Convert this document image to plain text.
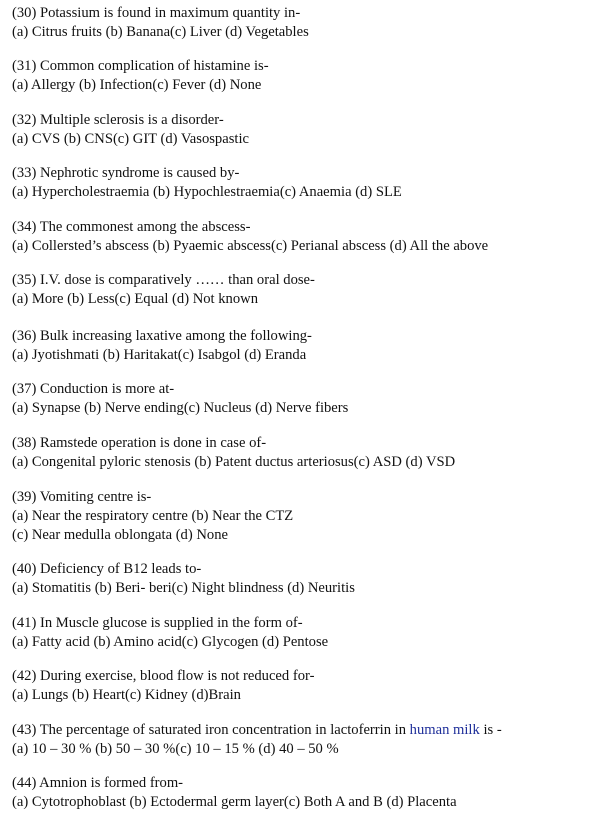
(30) Potassium is found in maximum quantity in-
(a) Citrus fruits (b) Banana(c) Liver (d) Vegetables
(31) Common complication of histamine is-
(a) Allergy (b) Infection(c) Fever (d) None
(32) Multiple sclerosis is a disorder-
(a) CVS (b) CNS(c) GIT (d) Vasospastic
(33) Nephrotic syndrome is caused by-
(a) Hypercholestraemia (b) Hypochlestraemia(c) Anaemia (d) SLE
(34) The commonest among the abscess-
(a) Collersted’s abscess (b) Pyaemic abscess(c) Perianal abscess (d) All the above
(35) I.V. dose is comparatively …… than oral dose-
(a) More (b) Less(c) Equal (d) Not known
(36) Bulk increasing laxative among the following-
(a) Jyotishmati (b) Haritakat(c) Isabgol (d) Eranda
(37) Conduction is more at-
(a) Synapse (b) Nerve ending(c) Nucleus (d) Nerve fibers
(38) Ramstede operation is done in case of-
(a) Congenital pyloric stenosis (b) Patent ductus arteriosus(c) ASD (d) VSD
(39) Vomiting centre is-
(a) Near the respiratory centre (b) Near the CTZ
(c) Near medulla oblongata (d) None
(40) Deficiency of B12 leads to-
(a) Stomatitis (b) Beri- beri(c) Night blindness (d) Neuritis
(41) In Muscle glucose is supplied in the form of-
(a) Fatty acid (b) Amino acid(c) Glycogen (d) Pentose
(42) During exercise, blood flow is not reduced for-
(a) Lungs (b) Heart(c) Kidney (d)Brain
(43) The percentage of saturated iron concentration in lactoferrin in human milk is -
(a) 10 – 30 % (b) 50 – 30 %(c) 10 – 15 % (d) 40 – 50 %
(44) Amnion is formed from-
(a) Cytotrophoblast (b) Ectodermal germ layer(c) Both A and B (d) Placenta
